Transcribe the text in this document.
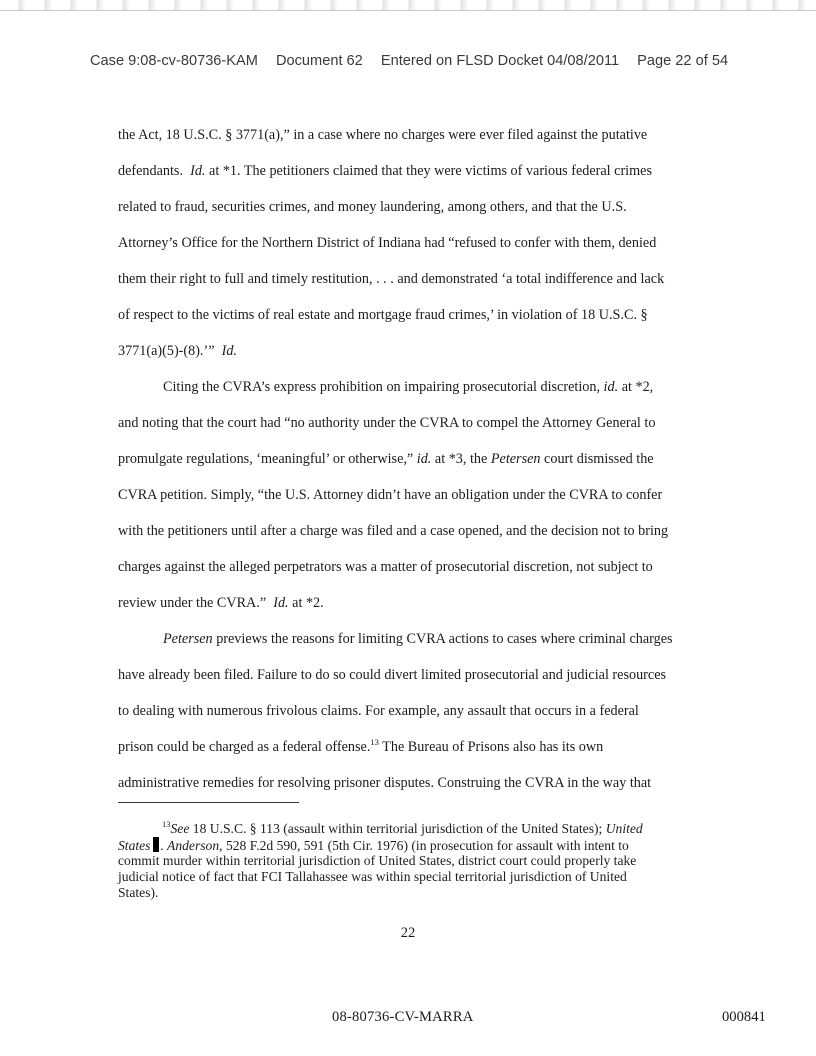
Case 9:08-cv-80736-KAM Document 62 Entered on FLSD Docket 04/08/2011 Page 22 of 54
the Act, 18 U.S.C. § 3771(a),” in a case where no charges were ever filed against the putative
defendants. Id. at *1. The petitioners claimed that they were victims of various federal crimes
related to fraud, securities crimes, and money laundering, among others, and that the U.S.
Attorney’s Office for the Northern District of Indiana had “refused to confer with them, denied
them their right to full and timely restitution, . . . and demonstrated ‘a total indifference and lack
of respect to the victims of real estate and mortgage fraud crimes,’ in violation of 18 U.S.C. §
3771(a)(5)-(8).’” Id.
Citing the CVRA’s express prohibition on impairing prosecutorial discretion, id. at *2,
and noting that the court had “no authority under the CVRA to compel the Attorney General to
promulgate regulations, ‘meaningful’ or otherwise,” id. at *3, the Petersen court dismissed the
CVRA petition. Simply, “the U.S. Attorney didn’t have an obligation under the CVRA to confer
with the petitioners until after a charge was filed and a case opened, and the decision not to bring
charges against the alleged perpetrators was a matter of prosecutorial discretion, not subject to
review under the CVRA.” Id. at *2.
Petersen previews the reasons for limiting CVRA actions to cases where criminal charges
have already been filed. Failure to do so could divert limited prosecutorial and judicial resources
to dealing with numerous frivolous claims. For example, any assault that occurs in a federal
prison could be charged as a federal offense.$^{13}$ The Bureau of Prisons also has its own
administrative remedies for resolving prisoner disputes. Construing the CVRA in the way that
$^{13}$See 18 U.S.C. § 113 (assault within territorial jurisdiction of the United States); United
States . Anderson, 528 F.2d 590, 591 (5th Cir. 1976) (in prosecution for assault with intent to
commit murder within territorial jurisdiction of United States, district court could properly take
judicial notice of fact that FCI Tallahassee was within special territorial jurisdiction of United
States).
22
08-80736-CV-MARRA	000841
